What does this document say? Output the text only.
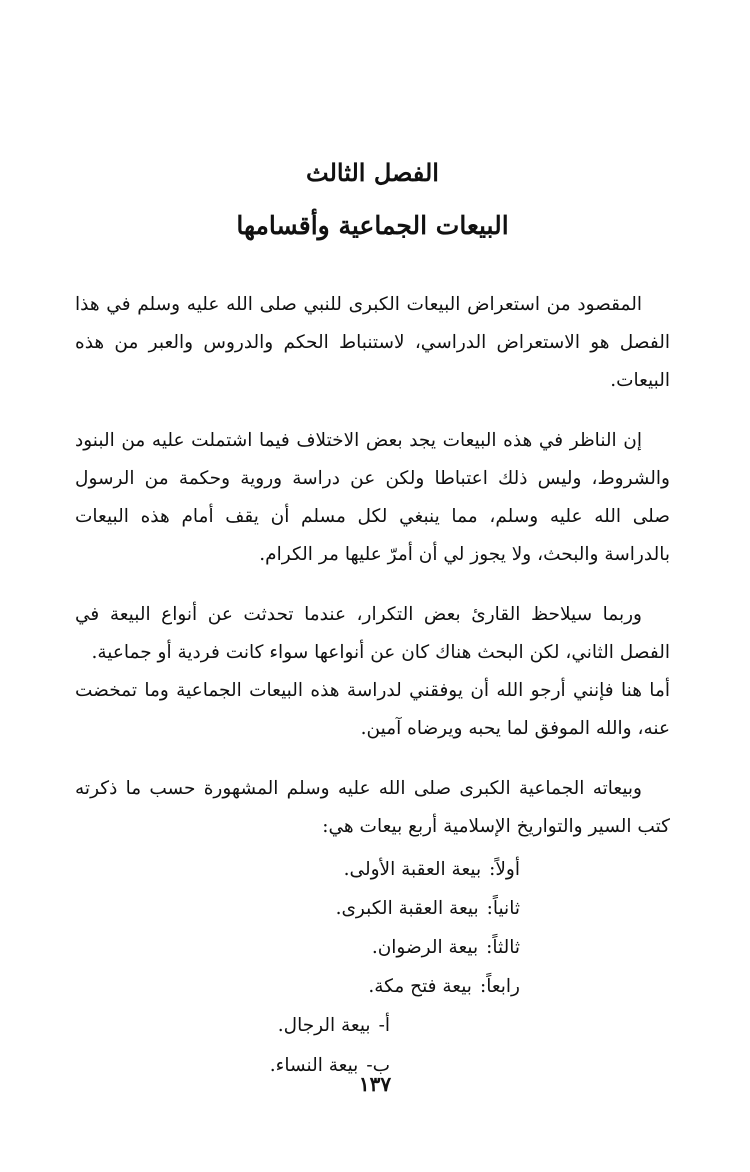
الفصل الثالث
البيعات الجماعية وأقسامها

المقصود من استعراض البيعات الكبرى للنبي صلى الله عليه وسلم في هذا الفصل هو الاستعراض الدراسي، لاستنباط الحكم والدروس والعبر من هذه البيعات.

إن الناظر في هذه البيعات يجد بعض الاختلاف فيما اشتملت عليه من البنود والشروط، وليس ذلك اعتباطا ولكن عن دراسة وروية وحكمة من الرسول صلى الله عليه وسلم، مما ينبغي لكل مسلم أن يقف أمام هذه البيعات بالدراسة والبحث، ولا يجوز لي أن أمرّ عليها مر الكرام.

وربما سيلاحظ القارئ بعض التكرار، عندما تحدثت عن أنواع البيعة في الفصل الثاني، لكن البحث هناك كان عن أنواعها سواء كانت فردية أو جماعية.

أما هنا فإنني أرجو الله أن يوفقني لدراسة هذه البيعات الجماعية وما تمخضت عنه، والله الموفق لما يحبه ويرضاه آمين.

وبيعاته الجماعية الكبرى صلى الله عليه وسلم المشهورة حسب ما ذكرته كتب السير والتواريخ الإسلامية أربع بيعات هي:

أولاً:بيعة العقبة الأولى.
ثانياً:بيعة العقبة الكبرى.
ثالثاً:بيعة الرضوان.
رابعاً:بيعة فتح مكة.
أ-بيعة الرجال.
ب-بيعة النساء.
١٣٧
